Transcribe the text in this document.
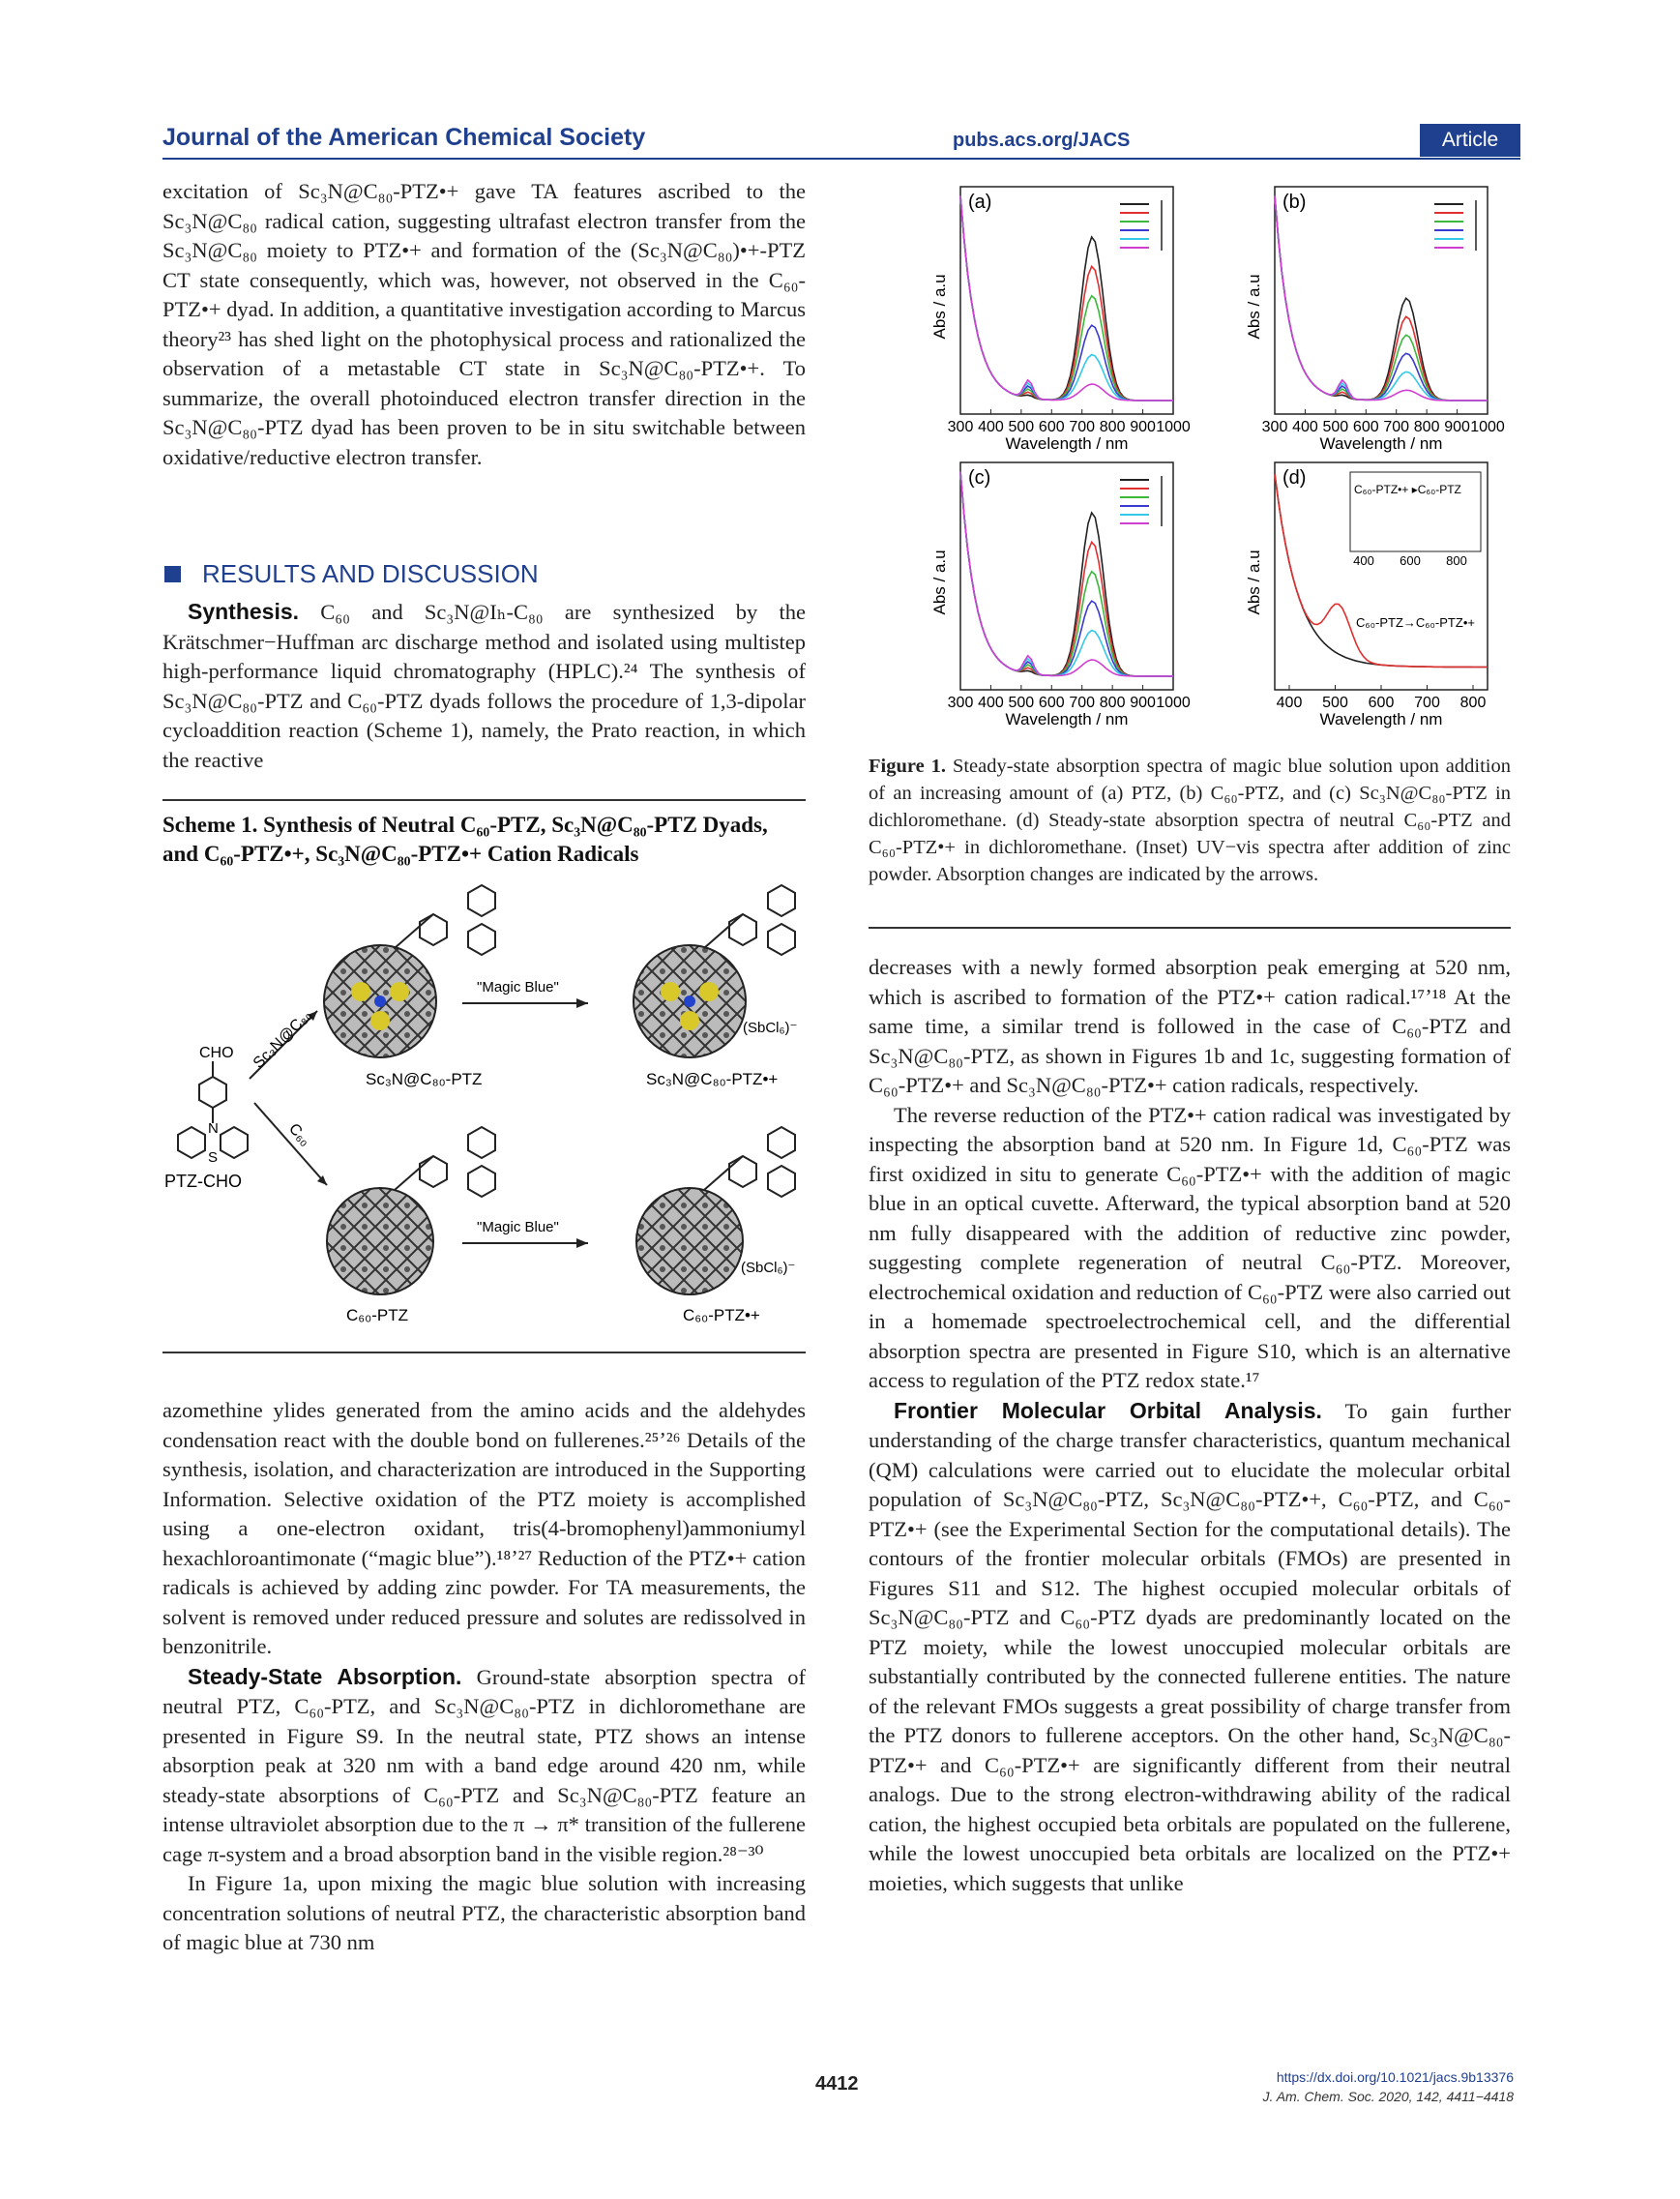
Journal of the American Chemical Society	pubs.acs.org/JACS	Article

excitation of Sc₃N@C₈₀-PTZ•+ gave TA features ascribed to the Sc₃N@C₈₀ radical cation, suggesting ultrafast electron transfer from the Sc₃N@C₈₀ moiety to PTZ•+ and formation of the (Sc₃N@C₈₀)•+-PTZ CT state consequently, which was, however, not observed in the C₆₀-PTZ•+ dyad. In addition, a quantitative investigation according to Marcus theory²³ has shed light on the photophysical process and rationalized the observation of a metastable CT state in Sc₃N@C₈₀-PTZ•+. To summarize, the overall photoinduced electron transfer direction in the Sc₃N@C₈₀-PTZ dyad has been proven to be in situ switchable between oxidative/reductive electron transfer.

RESULTS AND DISCUSSION

Synthesis. C₆₀ and Sc₃N@Iₕ-C₈₀ are synthesized by the Krätschmer−Huffman arc discharge method and isolated using multistep high-performance liquid chromatography (HPLC).²⁴ The synthesis of Sc₃N@C₈₀-PTZ and C₆₀-PTZ dyads follows the procedure of 1,3-dipolar cycloaddition reaction (Scheme 1), namely, the Prato reaction, in which the reactive

Scheme 1. Synthesis of Neutral C₆₀-PTZ, Sc₃N@C₈₀-PTZ Dyads, and C₆₀-PTZ•+, Sc₃N@C₈₀-PTZ•+ Cation Radicals
CHO
N
S
PTZ-CHO
Sc₃N@C₈₀
C₆₀
Sc₃N@C₈₀-PTZ
"Magic Blue"
(SbCl₆)⁻
Sc₃N@C₈₀-PTZ•+
C₆₀-PTZ
"Magic Blue"
(SbCl₆)⁻
C₆₀-PTZ•+

azomethine ylides generated from the amino acids and the aldehydes condensation react with the double bond on fullerenes.²⁵ʼ²⁶ Details of the synthesis, isolation, and characterization are introduced in the Supporting Information. Selective oxidation of the PTZ moiety is accomplished using a one-electron oxidant, tris(4-bromophenyl)ammoniumyl hexachloroantimonate (“magic blue”).¹⁸ʼ²⁷ Reduction of the PTZ•+ cation radicals is achieved by adding zinc powder. For TA measurements, the solvent is removed under reduced pressure and solutes are redissolved in benzonitrile.

Steady-State Absorption. Ground-state absorption spectra of neutral PTZ, C₆₀-PTZ, and Sc₃N@C₈₀-PTZ in dichloromethane are presented in Figure S9. In the neutral state, PTZ shows an intense absorption peak at 320 nm with a band edge around 420 nm, while steady-state absorptions of C₆₀-PTZ and Sc₃N@C₈₀-PTZ feature an intense ultraviolet absorption due to the π → π* transition of the fullerene cage π-system and a broad absorption band in the visible region.²⁸⁻³⁰

In Figure 1a, upon mixing the magic blue solution with increasing concentration solutions of neutral PTZ, the characteristic absorption band of magic blue at 730 nm

(a)
Abs / a.u
300 400 500 600 700 800 900 1000
Wavelength / nm
(b)
Abs / a.u
300 400 500 600 700 800 900 1000
Wavelength / nm
(c)
Abs / a.u
300 400 500 600 700 800 900 1000
Wavelength / nm
(d)
Abs / a.u
400 500 600 700 800
Wavelength / nm
C₆₀-PTZ•+ ▸C₆₀-PTZ
400 600 800
C₆₀-PTZ→C₆₀-PTZ•+
Figure 1. Steady-state absorption spectra of magic blue solution upon addition of an increasing amount of (a) PTZ, (b) C₆₀-PTZ, and (c) Sc₃N@C₈₀-PTZ in dichloromethane. (d) Steady-state absorption spectra of neutral C₆₀-PTZ and C₆₀-PTZ•+ in dichloromethane. (Inset) UV−vis spectra after addition of zinc powder. Absorption changes are indicated by the arrows.

decreases with a newly formed absorption peak emerging at 520 nm, which is ascribed to formation of the PTZ•+ cation radical.¹⁷ʼ¹⁸ At the same time, a similar trend is followed in the case of C₆₀-PTZ and Sc₃N@C₈₀-PTZ, as shown in Figures 1b and 1c, suggesting formation of C₆₀-PTZ•+ and Sc₃N@C₈₀-PTZ•+ cation radicals, respectively.

The reverse reduction of the PTZ•+ cation radical was investigated by inspecting the absorption band at 520 nm. In Figure 1d, C₆₀-PTZ was first oxidized in situ to generate C₆₀-PTZ•+ with the addition of magic blue in an optical cuvette. Afterward, the typical absorption band at 520 nm fully disappeared with the addition of reductive zinc powder, suggesting complete regeneration of neutral C₆₀-PTZ. Moreover, electrochemical oxidation and reduction of C₆₀-PTZ were also carried out in a homemade spectroelectrochemical cell, and the differential absorption spectra are presented in Figure S10, which is an alternative access to regulation of the PTZ redox state.¹⁷

Frontier Molecular Orbital Analysis. To gain further understanding of the charge transfer characteristics, quantum mechanical (QM) calculations were carried out to elucidate the molecular orbital population of Sc₃N@C₈₀-PTZ, Sc₃N@C₈₀-PTZ•+, C₆₀-PTZ, and C₆₀-PTZ•+ (see the Experimental Section for the computational details). The contours of the frontier molecular orbitals (FMOs) are presented in Figures S11 and S12. The highest occupied molecular orbitals of Sc₃N@C₈₀-PTZ and C₆₀-PTZ dyads are predominantly located on the PTZ moiety, while the lowest unoccupied molecular orbitals are substantially contributed by the connected fullerene entities. The nature of the relevant FMOs suggests a great possibility of charge transfer from the PTZ donors to fullerene acceptors. On the other hand, Sc₃N@C₈₀-PTZ•+ and C₆₀-PTZ•+ are significantly different from their neutral analogs. Due to the strong electron-withdrawing ability of the radical cation, the highest occupied beta orbitals are populated on the fullerene, while the lowest unoccupied beta orbitals are localized on the PTZ•+ moieties, which suggests that unlike

4412	https://dx.doi.org/10.1021/jacs.9b13376
J. Am. Chem. Soc. 2020, 142, 4411−4418
